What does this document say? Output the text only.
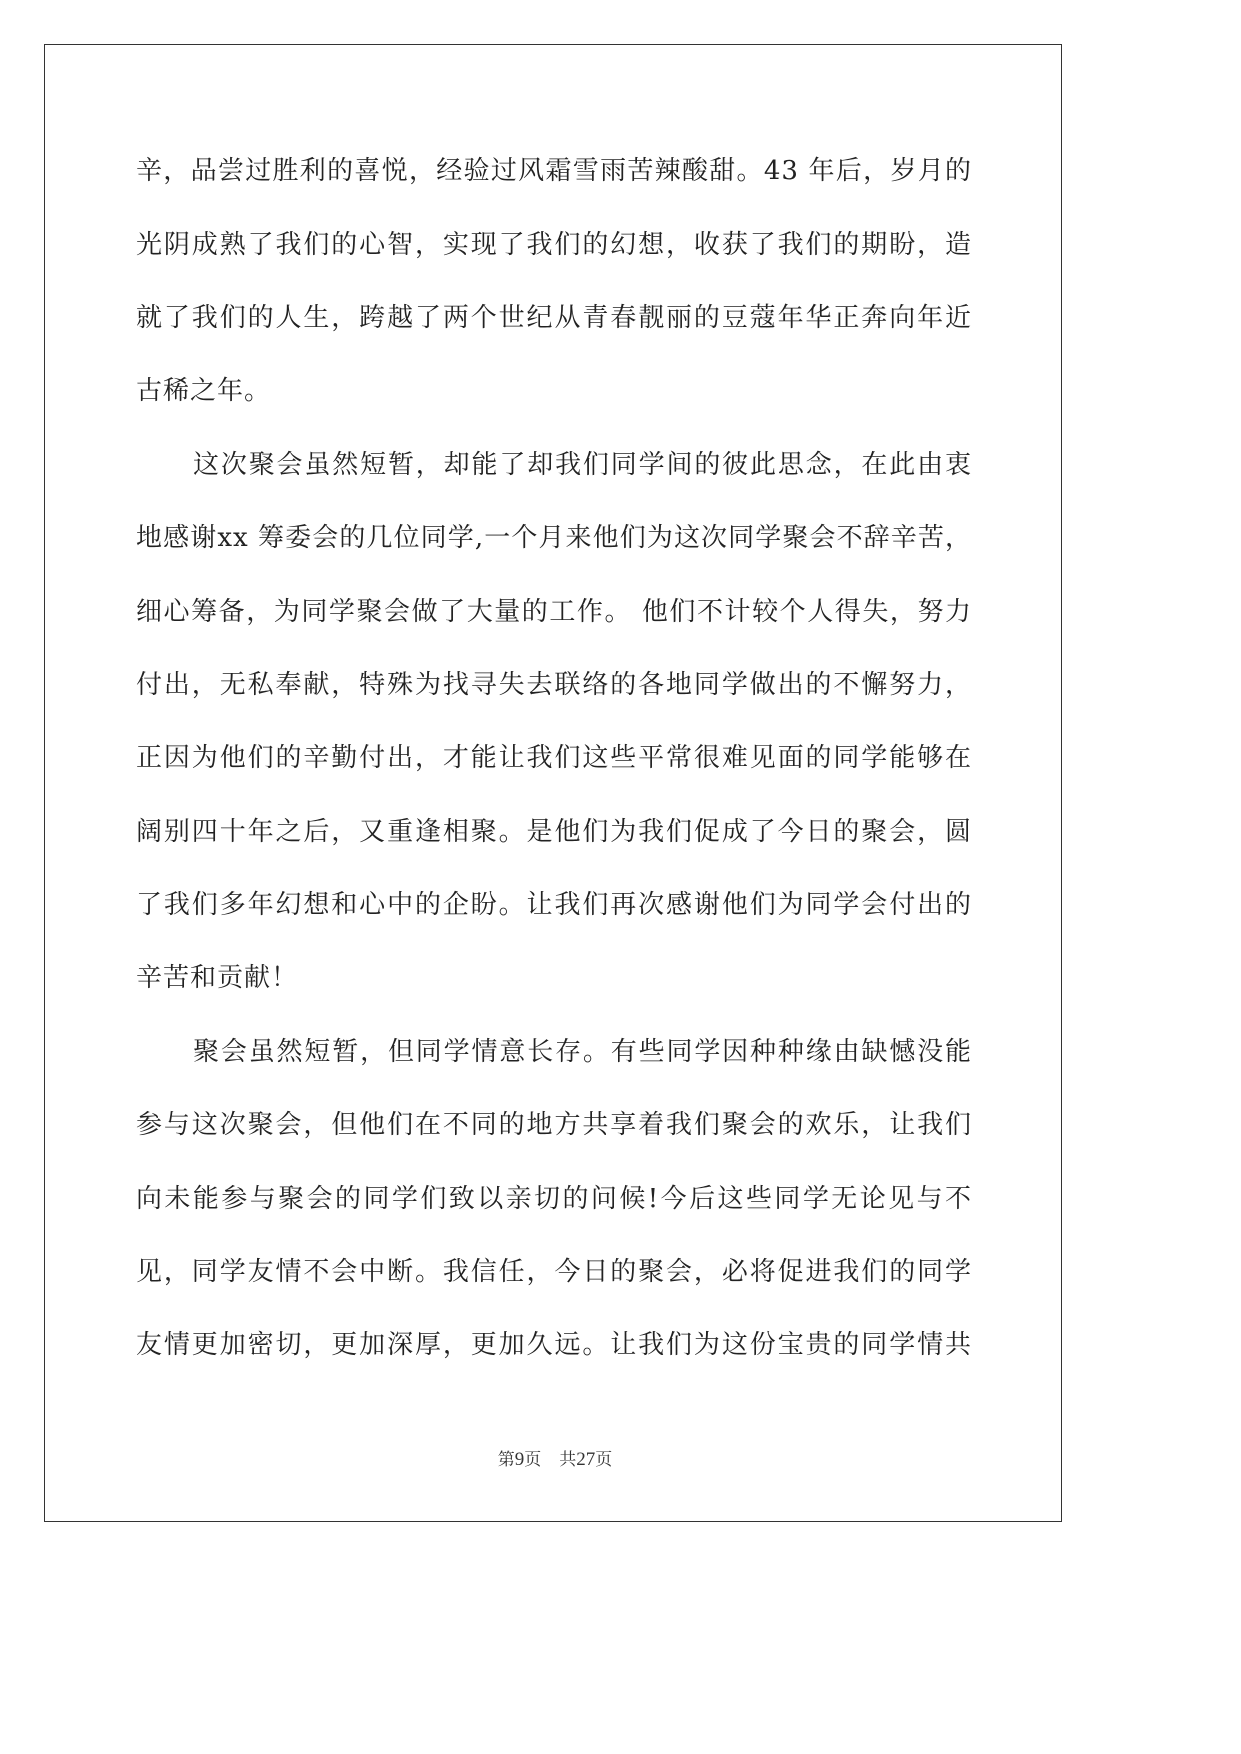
辛，品尝过胜利的喜悦，经验过风霜雪雨苦辣酸甜。43 年后，岁月的
光阴成熟了我们的心智，实现了我们的幻想，收获了我们的期盼，造
就了我们的人生，跨越了两个世纪从青春靓丽的豆蔻年华正奔向年近
古稀之年。
这次聚会虽然短暂，却能了却我们同学间的彼此思念，在此由衷
地感谢xx 筹委会的几位同学,一个月来他们为这次同学聚会不辞辛苦，
细心筹备，为同学聚会做了大量的工作。 他们不计较个人得失，努力
付出，无私奉献，特殊为找寻失去联络的各地同学做出的不懈努力，
正因为他们的辛勤付出，才能让我们这些平常很难见面的同学能够在
阔别四十年之后，又重逢相聚。是他们为我们促成了今日的聚会，圆
了我们多年幻想和心中的企盼。让我们再次感谢他们为同学会付出的
辛苦和贡献！
聚会虽然短暂，但同学情意长存。有些同学因种种缘由缺憾没能
参与这次聚会，但他们在不同的地方共享着我们聚会的欢乐，让我们
向未能参与聚会的同学们致以亲切的问候!今后这些同学无论见与不
见，同学友情不会中断。我信任，今日的聚会，必将促进我们的同学
友情更加密切，更加深厚，更加久远。让我们为这份宝贵的同学情共
第9页 共27页
